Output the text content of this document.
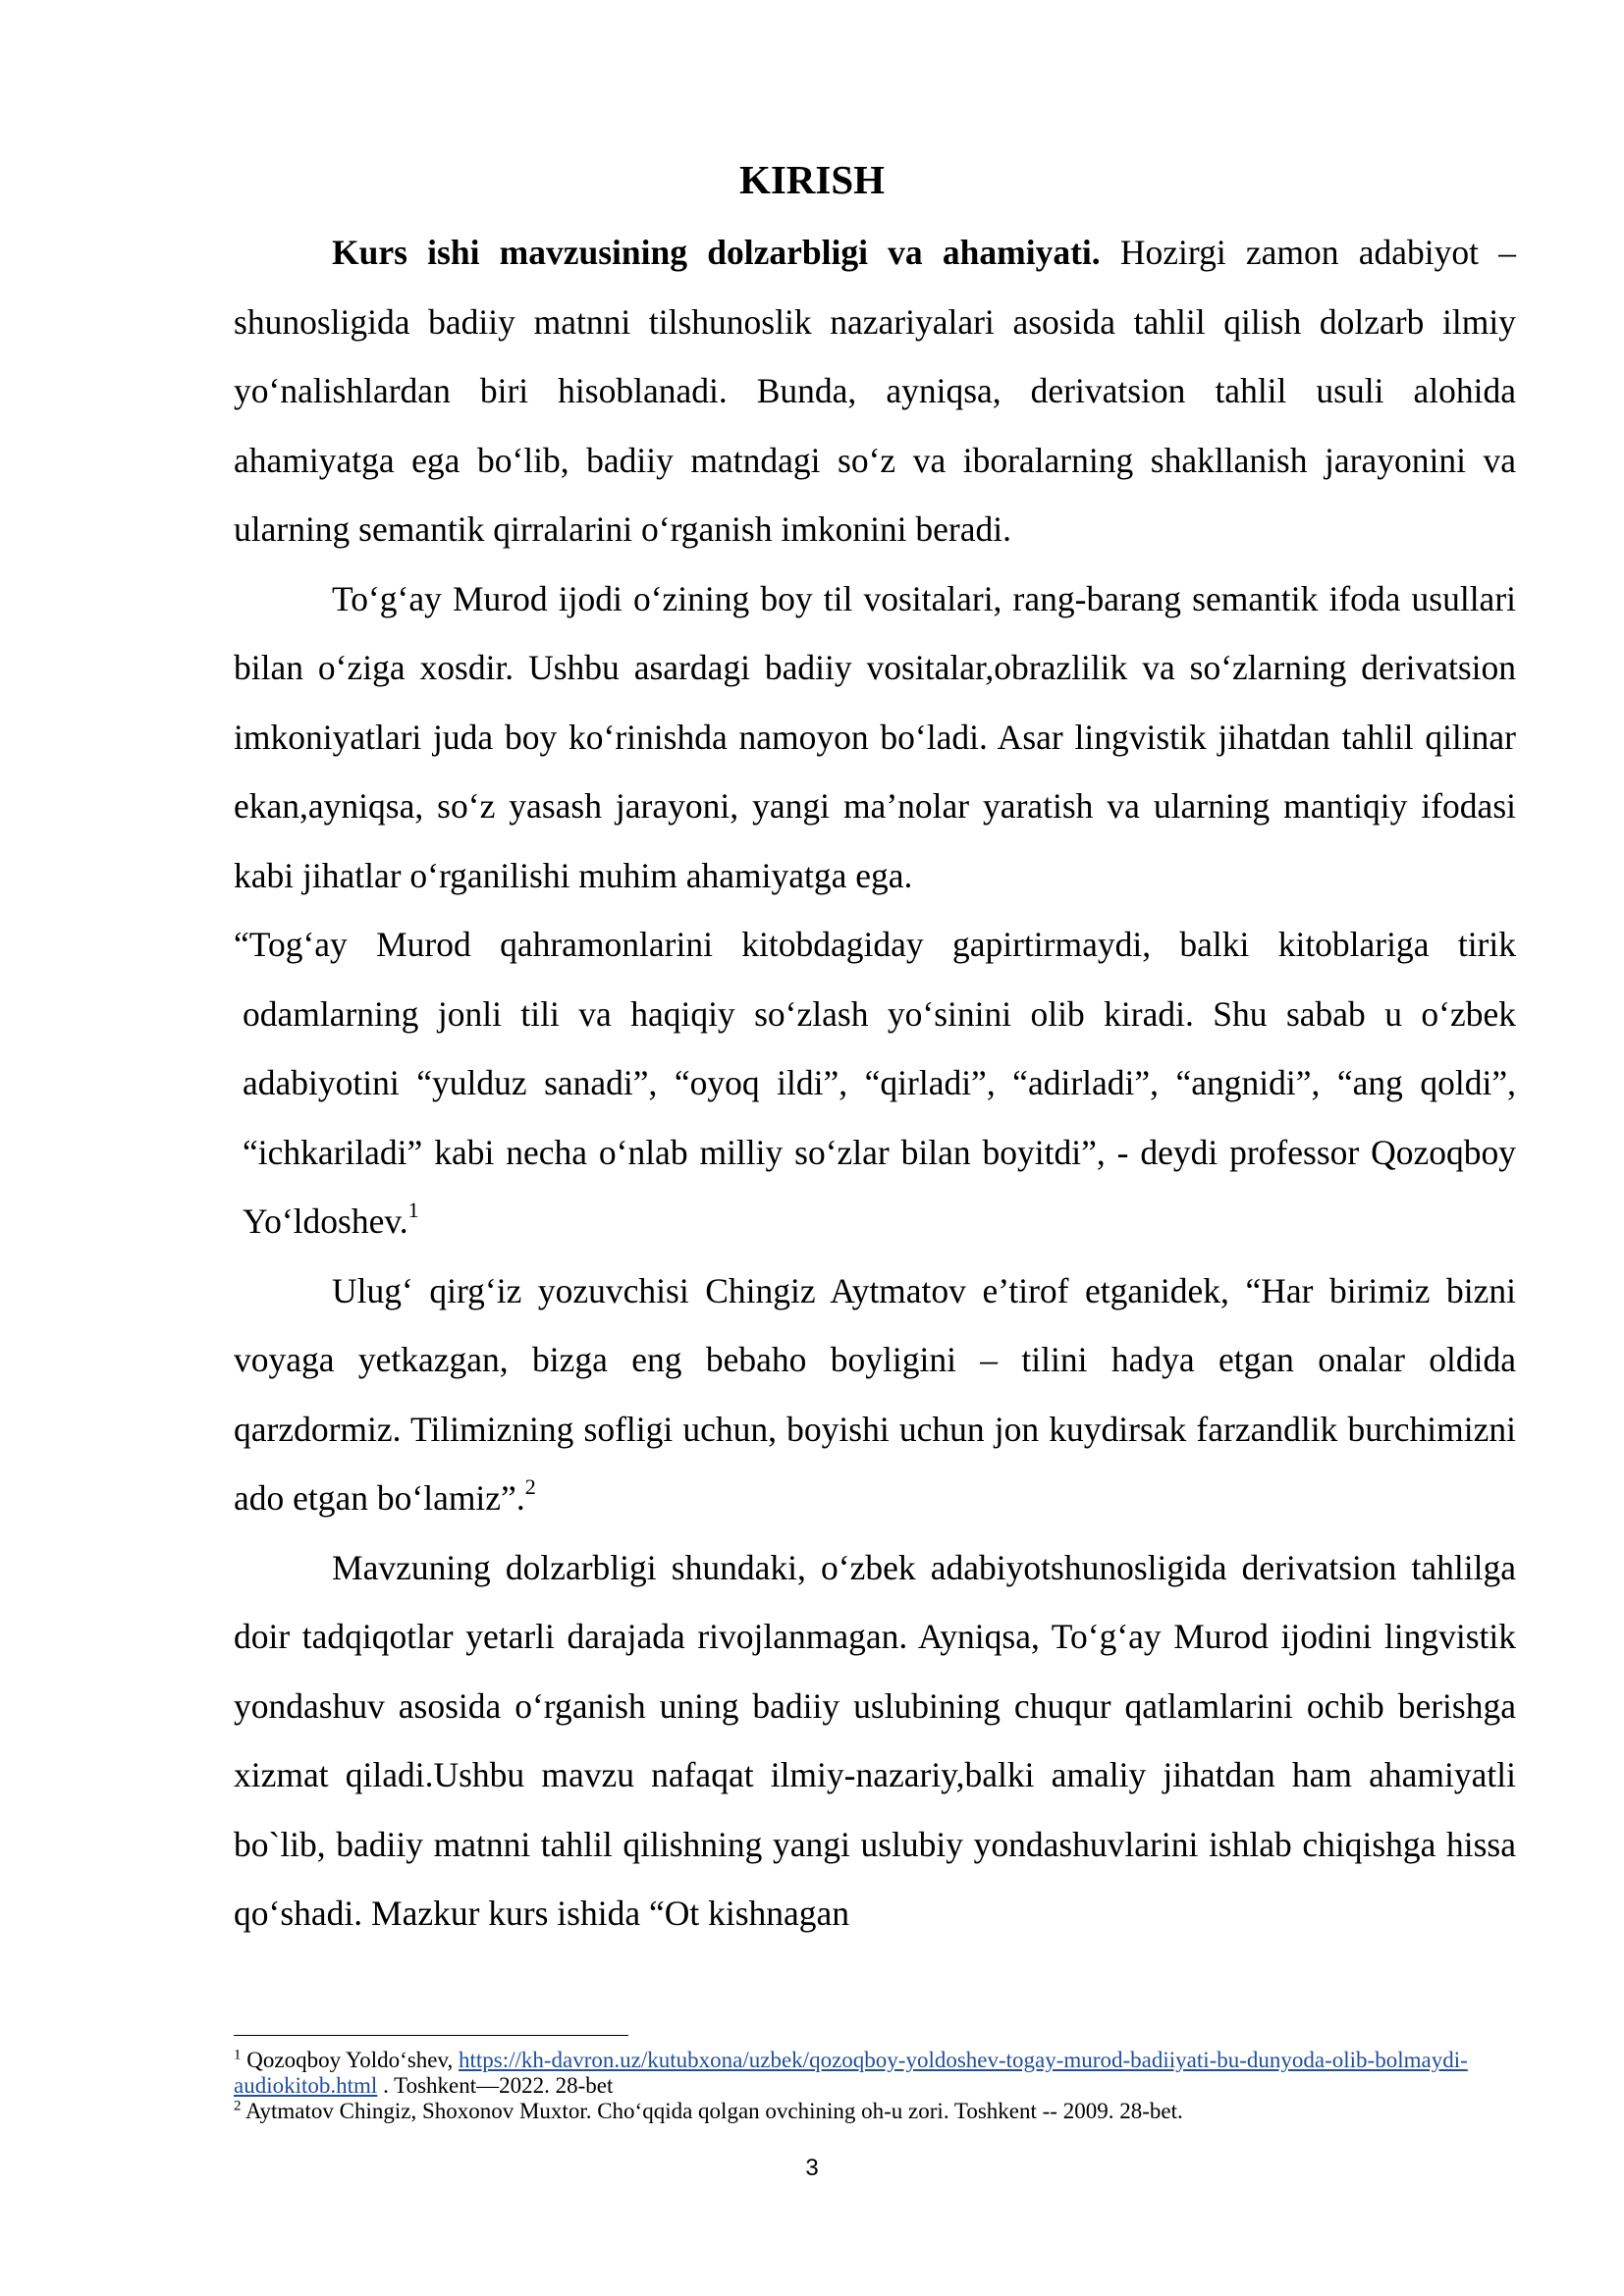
KIRISH

Kurs ishi mavzusining dolzarbligi va ahamiyati. Hozirgi zamon adabiyot – shunosligida badiiy matnni tilshunoslik nazariyalari asosida tahlil qilish dolzarb ilmiy yo‘nalishlardan biri hisoblanadi. Bunda, ayniqsa, derivatsion tahlil usuli alohida ahamiyatga ega bo‘lib, badiiy matndagi so‘z va iboralarning shakllanish jarayonini va ularning semantik qirralarini o‘rganish imkonini beradi.

To‘g‘ay Murod ijodi o‘zining boy til vositalari, rang-barang semantik ifoda usullari bilan o‘ziga xosdir. Ushbu asardagi badiiy vositalar,obrazlilik va so‘zlarning derivatsion imkoniyatlari juda boy ko‘rinishda namoyon bo‘ladi. Asar lingvistik jihatdan tahlil qilinar ekan,ayniqsa, so‘z yasash jarayoni, yangi ma’nolar yaratish va ularning mantiqiy ifodasi kabi jihatlar o‘rganilishi muhim ahamiyatga ega.

“Tog‘ay Murod qahramonlarini kitobdagiday gapirtirmaydi, balki kitoblariga tirik odamlarning jonli tili va haqiqiy so‘zlash yo‘sinini olib kiradi. Shu sabab u o‘zbek adabiyotini “yulduz sanadi”, “oyoq ildi”, “qirladi”, “adirladi”, “angnidi”, “ang qoldi”, “ichkariladi” kabi necha o‘nlab milliy so‘zlar bilan boyitdi”, - deydi professor Qozoqboy Yo‘ldoshev.$^1$

Ulug‘ qirg‘iz yozuvchisi Chingiz Aytmatov e’tirof etganidek, “Har birimiz bizni voyaga yetkazgan, bizga eng bebaho boyligini – tilini hadya etgan onalar oldida qarzdormiz. Tilimizning sofligi uchun, boyishi uchun jon kuydirsak farzandlik burchimizni ado etgan bo‘lamiz”.$^2$

Mavzuning dolzarbligi shundaki, o‘zbek adabiyotshunosligida derivatsion tahlilga doir tadqiqotlar yetarli darajada rivojlanmagan. Ayniqsa, To‘g‘ay Murod ijodini lingvistik yondashuv asosida o‘rganish uning badiiy uslubining chuqur qatlamlarini ochib berishga xizmat qiladi.Ushbu mavzu nafaqat ilmiy-nazariy,balki amaliy jihatdan ham ahamiyatli bo`lib, badiiy matnni tahlil qilishning yangi uslubiy yondashuvlarini ishlab chiqishga hissa qo‘shadi. Mazkur kurs ishida “Ot kishnagan

$^1$ Qozoqboy Yoldo‘shev, https://kh-davron.uz/kutubxona/uzbek/qozoqboy-yoldoshev-togay-murod-badiiyati-bu-dunyoda-olib-bolmaydi-audiokitob.html . Toshkent—2022. 28-bet

$^2$ Aytmatov Chingiz, Shoxonov Muxtor. Cho‘qqida qolgan ovchining oh-u zori. Toshkent -- 2009. 28-bet.

3
